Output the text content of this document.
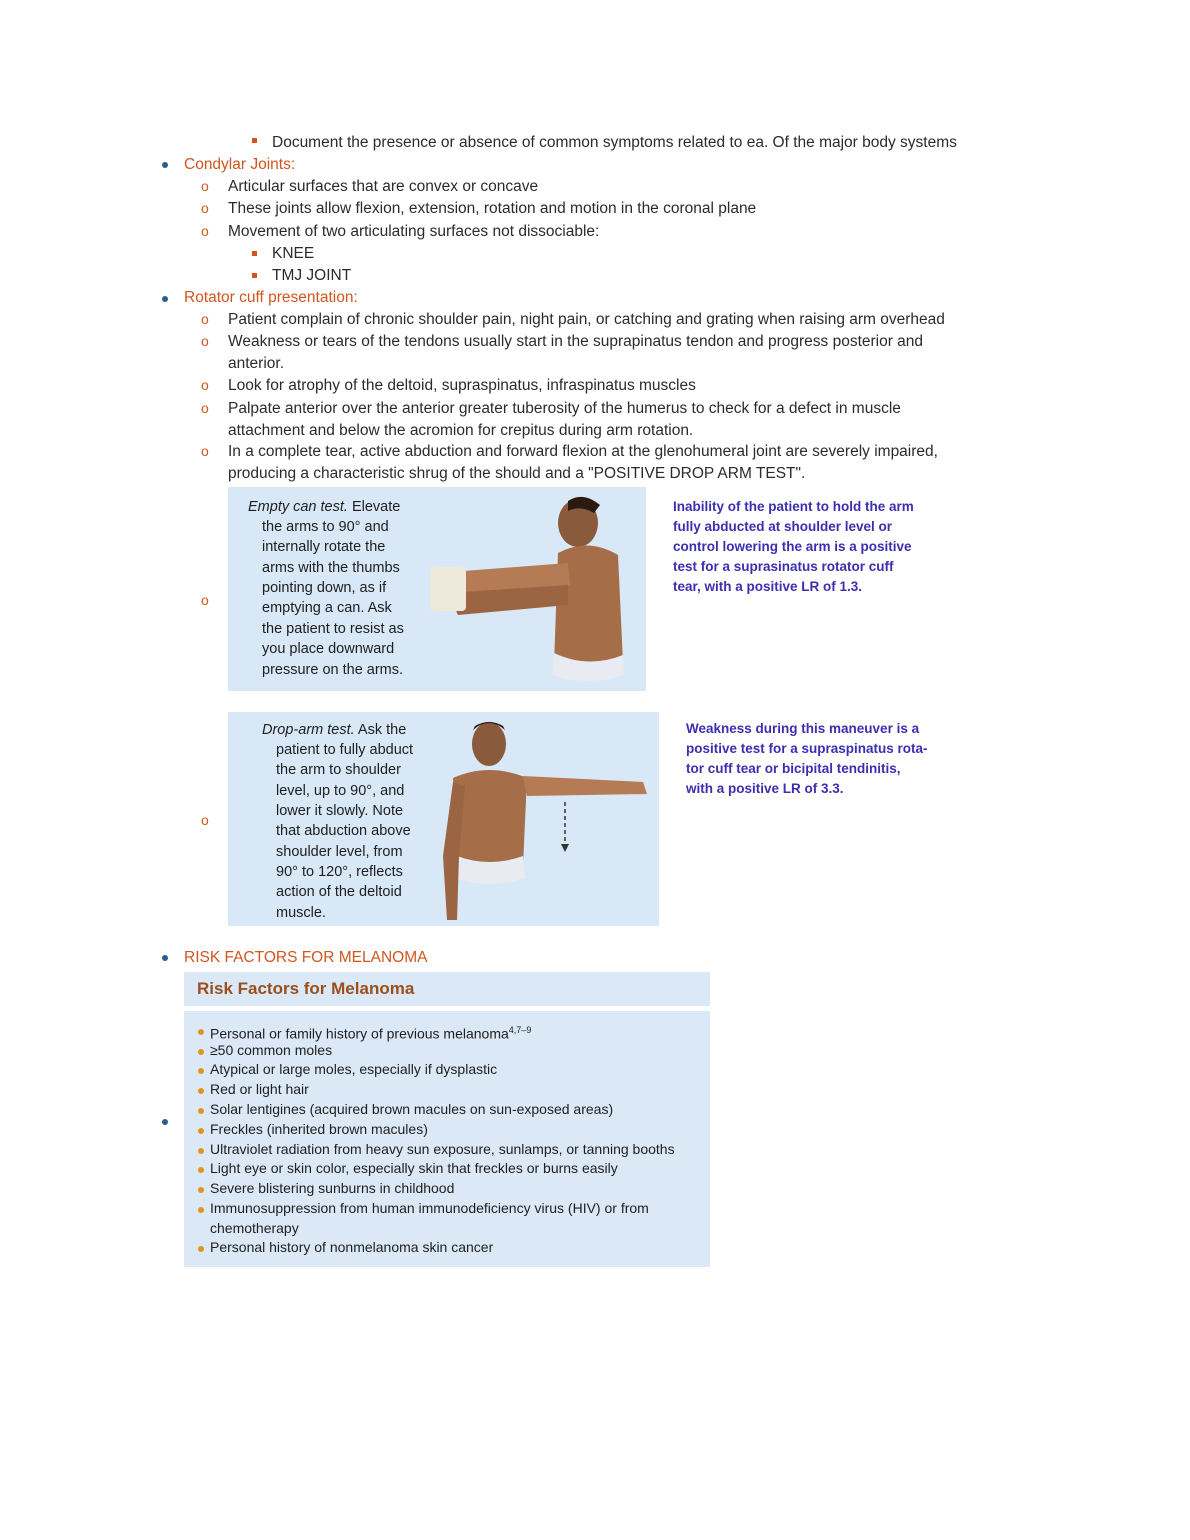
Document the presence or absence of common symptoms related to ea. Of the major body systems
Condylar Joints:
o Articular surfaces that are convex or concave
o These joints allow flexion, extension, rotation and motion in the coronal plane
o Movement of two articulating surfaces not dissociable:
KNEE
TMJ JOINT
Rotator cuff presentation:
o Patient complain of chronic shoulder pain, night pain, or catching and grating when raising arm overhead
o Weakness or tears of the tendons usually start in the suprapinatus tendon and progress posterior and
anterior.
o Look for atrophy of the deltoid, supraspinatus, infraspinatus muscles
o Palpate anterior over the anterior greater tuberosity of the humerus to check for a defect in muscle
attachment and below the acromion for crepitus during arm rotation.
o In a complete tear, active abduction and forward flexion at the glenohumeral joint are severely impaired,
producing a characteristic shrug of the should and a "POSITIVE DROP ARM TEST".
o
Empty can test. Elevate
the arms to 90° and
internally rotate the
arms with the thumbs
pointing down, as if
emptying a can. Ask
the patient to resist as
you place downward
pressure on the arms.
Inability of the patient to hold the arm
fully abducted at shoulder level or
control lowering the arm is a positive
test for a suprasinatus rotator cuff
tear, with a positive LR of 1.3.
o
Drop-arm test. Ask the
patient to fully abduct
the arm to shoulder
level, up to 90°, and
lower it slowly. Note
that abduction above
shoulder level, from
90° to 120°, reflects
action of the deltoid
muscle.
Weakness during this maneuver is a
positive test for a supraspinatus rota-
tor cuff tear or bicipital tendinitis,
with a positive LR of 3.3.
RISK FACTORS FOR MELANOMA
Risk Factors for Melanoma
Personal or family history of previous melanoma$^{4,7-9}$
≥50 common moles
Atypical or large moles, especially if dysplastic
Red or light hair
Solar lentigines (acquired brown macules on sun-exposed areas)
Freckles (inherited brown macules)
Ultraviolet radiation from heavy sun exposure, sunlamps, or tanning booths
Light eye or skin color, especially skin that freckles or burns easily
Severe blistering sunburns in childhood
Immunosuppression from human immunodeficiency virus (HIV) or from
chemotherapy
Personal history of nonmelanoma skin cancer
